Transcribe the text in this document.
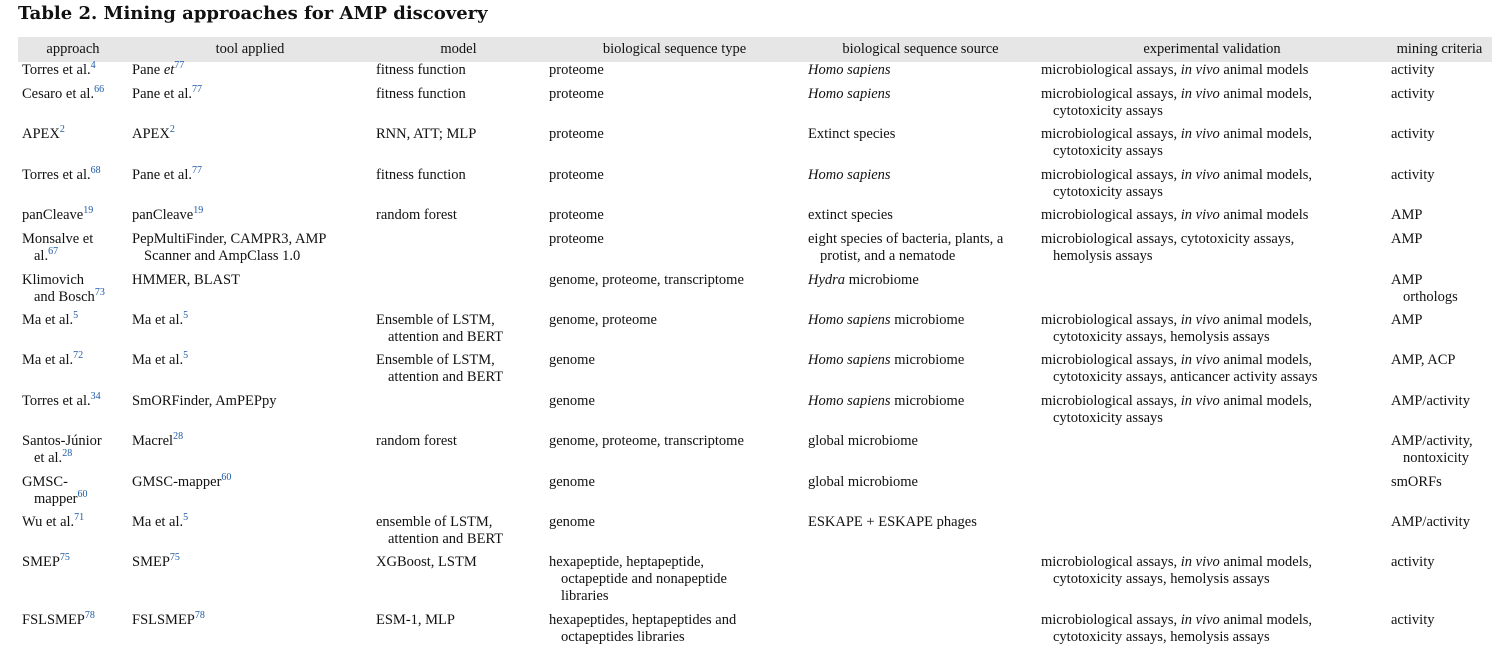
Table 2. Mining approaches for AMP discovery
approach	tool applied	model	biological sequence type	biological sequence source	experimental validation	mining criteria

Torres et al.$^4$	Pane $et^{77}$	fitness function	proteome	Homo sapiens	microbiological assays, in vivo animal models	activity

Cesaro et al.$^{66}$	Pane et al.$^{77}$	fitness function	proteome	Homo sapiens	microbiological assays, in vivo animal models,
cytotoxicity assays	activity

APEX$^2$	APEX$^2$	RNN, ATT; MLP	proteome	Extinct species	microbiological assays, in vivo animal models,
cytotoxicity assays	activity

Torres et al.$^{68}$	Pane et al.$^{77}$	fitness function	proteome	Homo sapiens	microbiological assays, in vivo animal models,
cytotoxicity assays	activity

panCleave$^{19}$	panCleave$^{19}$	random forest	proteome	extinct species	microbiological assays, in vivo animal models	AMP

Monsalve et
al.$^{67}$	PepMultiFinder, CAMPR3, AMP
Scanner and AmpClass 1.0		proteome	eight species of bacteria, plants, a
protist, and a nematode	microbiological assays, cytotoxicity assays,
hemolysis assays	AMP

Klimovich
and Bosch$^{73}$	HMMER, BLAST		genome, proteome, transcriptome	Hydra microbiome		AMP
orthologs

Ma et al.$^5$	Ma et al.$^5$	Ensemble of LSTM,
attention and BERT	genome, proteome	Homo sapiens microbiome	microbiological assays, in vivo animal models,
cytotoxicity assays, hemolysis assays	AMP

Ma et al.$^{72}$	Ma et al.$^5$	Ensemble of LSTM,
attention and BERT	genome	Homo sapiens microbiome	microbiological assays, in vivo animal models,
cytotoxicity assays, anticancer activity assays	AMP, ACP

Torres et al.$^{34}$	SmORFinder, AmPEPpy		genome	Homo sapiens microbiome	microbiological assays, in vivo animal models,
cytotoxicity assays	AMP/activity

Santos-Júnior
et al.$^{28}$	Macrel$^{28}$	random forest	genome, proteome, transcriptome	global microbiome		AMP/activity,
nontoxicity

GMSC-
mapper$^{60}$	GMSC-mapper$^{60}$		genome	global microbiome		smORFs

Wu et al.$^{71}$	Ma et al.$^5$	ensemble of LSTM,
attention and BERT	genome	ESKAPE + ESKAPE phages		AMP/activity

SMEP$^{75}$	SMEP$^{75}$	XGBoost, LSTM	hexapeptide, heptapeptide,
octapeptide and nonapeptide
libraries		microbiological assays, in vivo animal models,
cytotoxicity assays, hemolysis assays	activity

FSLSMEP$^{78}$	FSLSMEP$^{78}$	ESM-1, MLP	hexapeptides, heptapeptides and
octapeptides libraries		microbiological assays, in vivo animal models,
cytotoxicity assays, hemolysis assays	activity
